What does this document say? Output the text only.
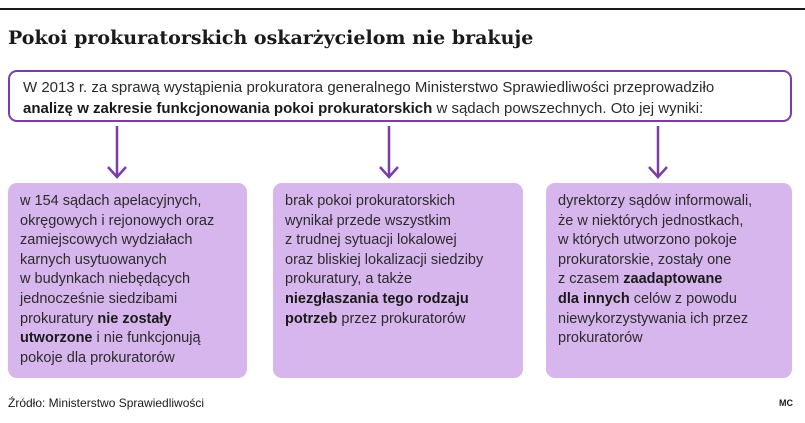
Pokoi prokuratorskich oskarżycielom nie brakuje
W 2013 r. za sprawą wystąpienia prokuratora generalnego Ministerstwo Sprawiedliwości przeprowadziło
analizę w zakresie funkcjonowania pokoi prokuratorskich w sądach powszechnych. Oto jej wyniki:
w 154 sądach apelacyjnych,
okręgowych i rejonowych oraz
zamiejscowych wydziałach
karnych usytuowanych
w budynkach niebędących
jednocześnie siedzibami
prokuratury nie zostały
utworzone i nie funkcjonują
pokoje dla prokuratorów
brak pokoi prokuratorskich
wynikał przede wszystkim
z trudnej sytuacji lokalowej
oraz bliskiej lokalizacji siedziby
prokuratury, a także
niezgłaszania tego rodzaju
potrzeb przez prokuratorów
dyrektorzy sądów informowali,
że w niektórych jednostkach,
w których utworzono pokoje
prokuratorskie, zostały one
z czasem zaadaptowane
dla innych celów z powodu
niewykorzystywania ich przez
prokuratorów
Źródło: Ministerstwo Sprawiedliwości	MC
